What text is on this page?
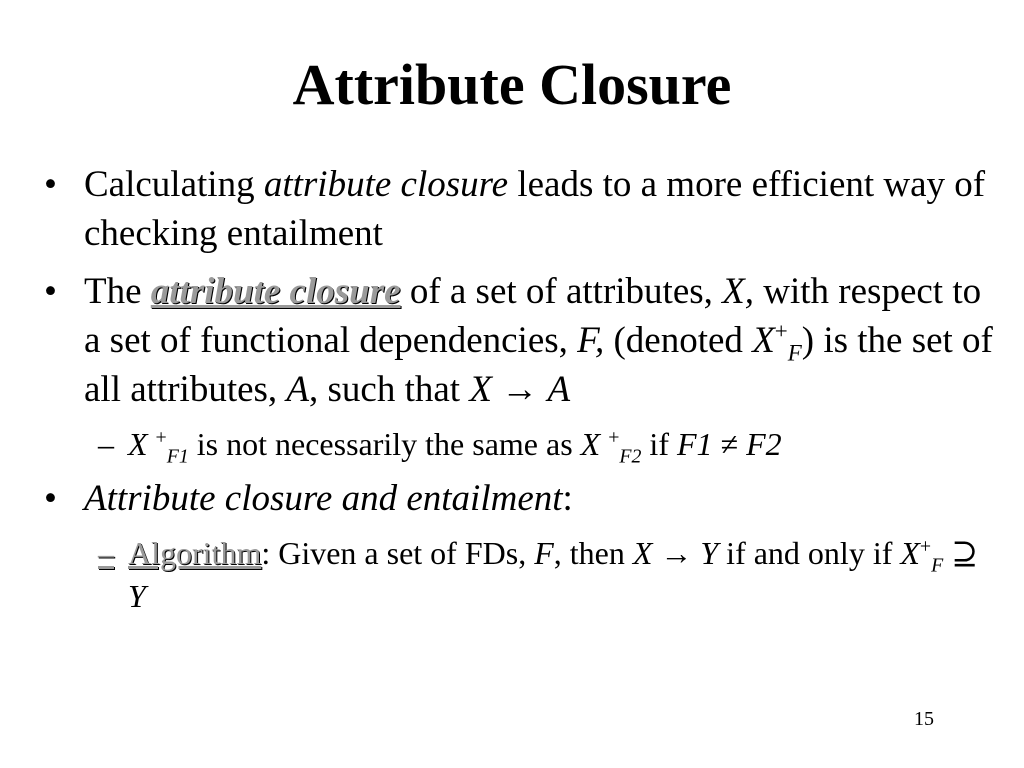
Attribute Closure
• Calculating attribute closure leads to a more efficient way of checking entailment
• The attribute closure of a set of attributes, X, with respect to a set of functional dependencies, F, (denoted $X^+_F$) is the set of all attributes, A, such that X → A
– X +$_{F1}$ is not necessarily the same as X +$_{F2}$ if F1 ≠ F2
• Attribute closure and entailment:
– Algorithm: Given a set of FDs, F, then X → Y if and only if $X^+_F$ ⊇ Y
15
